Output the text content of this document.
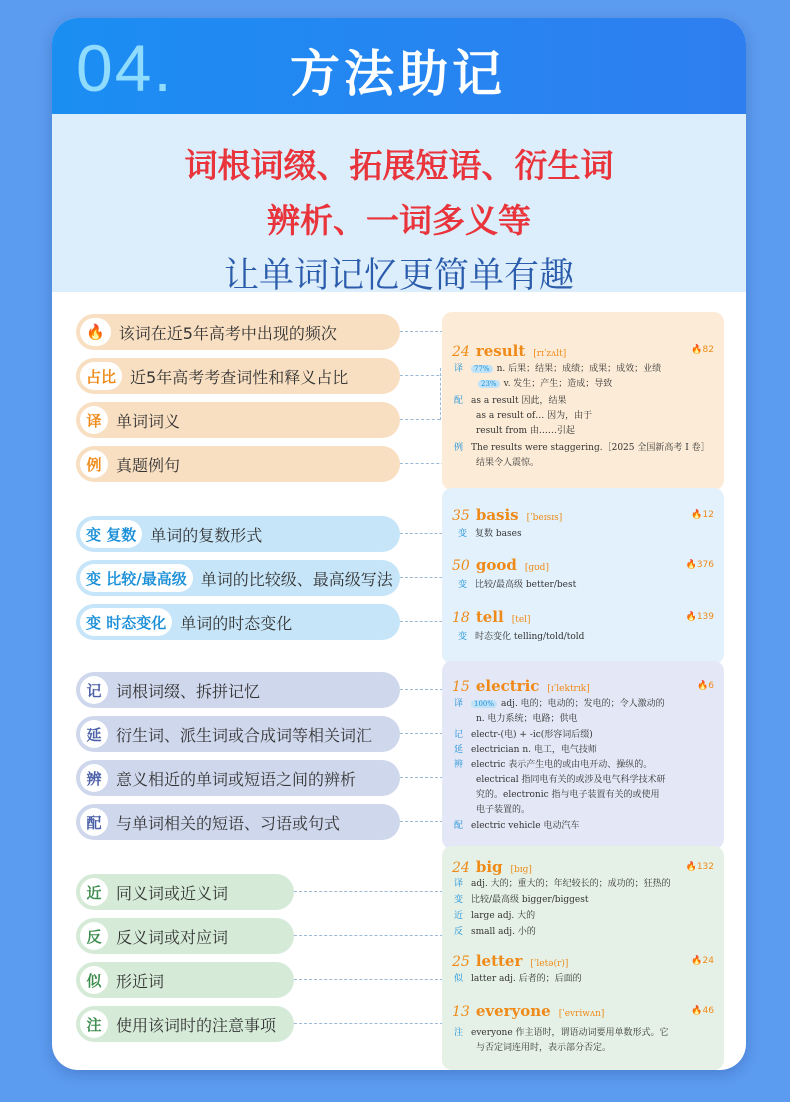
04. 方法助记
词根词缀、拓展短语、衍生词
辨析、一词多义等
让单词记忆更简单有趣
🔥 该词在近5年高考中出现的频次
占比 近5年高考考查词性和释义占比
译 单词词义
例 真题例句
变 复数 单词的复数形式
变 比较/最高级 单词的比较级、最高级写法
变 时态变化 单词的时态变化
记 词根词缀、拆拼记忆
延 衍生词、派生词或合成词等相关词汇
辨 意义相近的单词或短语之间的辨析
配 与单词相关的短语、习语或句式
近 同义词或近义词
反 反义词或对应词
似 形近词
注 使用该词时的注意事项
24 result [rɪˈzʌlt]	🔥82
译 77% n. 后果；结果；成绩；成果；成效；业绩
23% v. 发生；产生；造成；导致
配 as a result 因此，结果
as a result of… 因为，由于
result from 由……引起
例 The results were staggering.［2025 全国新高考 Ⅰ 卷］
结果令人震惊。
35 basis [ˈbeɪsɪs]	🔥12
变 复数 bases
50 good [ɡʊd]	🔥376
变 比较/最高级 better/best
18 tell [tel]	🔥139
变 时态变化 telling/told/told
15 electric [ɪˈlektrɪk]	🔥6
译 100% adj. 电的；电动的；发电的；令人激动的
n. 电力系统；电路；供电
记 electr-(电) + -ic(形容词后缀)
延 electrician n. 电工，电气技师
辨 electric 表示产生电的或由电开动、操纵的。
electrical 指同电有关的或涉及电气科学技术研
究的。electronic 指与电子装置有关的或使用
电子装置的。
配 electric vehicle 电动汽车
24 big [bɪɡ]	🔥132
译 adj. 大的；重大的；年纪较长的；成功的；狂热的
变 比较/最高级 bigger/biggest
近 large adj. 大的
反 small adj. 小的
25 letter [ˈletə(r)]	🔥24
似 latter adj. 后者的；后面的
13 everyone [ˈevriwʌn]	🔥46
注 everyone 作主语时，谓语动词要用单数形式。它
与否定词连用时，表示部分否定。
